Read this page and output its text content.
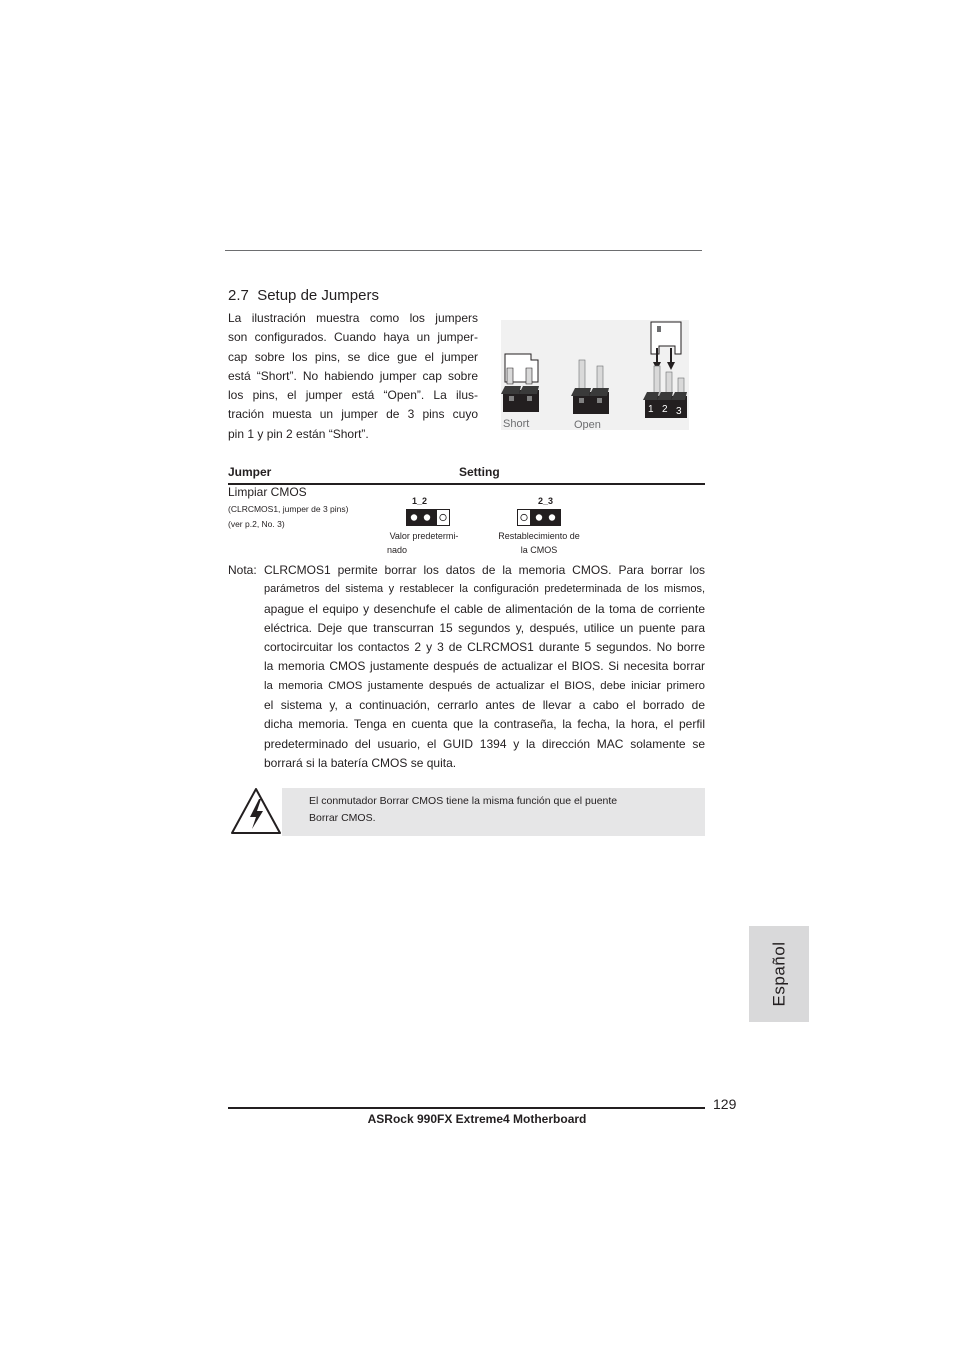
2.7 Setup de Jumpers
La ilustración muestra como los jumpers
son configurados. Cuando haya un jumper-
cap sobre los pins, se dice gue el jumper
está “Short”. No habiendo jumper cap sobre
los pins, el jumper está “Open”. La ilus-
tración muesta un jumper de 3 pins cuyo
pin 1 y pin 2 están “Short”.
Short	Open
1 2 3
Jumper	Setting
Limpiar CMOS
(CLRCMOS1, jumper de 3 pins)
(ver p.2, No. 3)
1_2
Valor predetermi-
nado
2_3
Restablecimiento de
la CMOS
Nota: CLRCMOS1 permite borrar los datos de la memoria CMOS. Para borrar los
parámetros del sistema y restablecer la configuración predeterminada de los mismos,
apague el equipo y desenchufe el cable de alimentación de la toma de corriente
eléctrica. Deje que transcurran 15 segundos y, después, utilice un puente para
cortocircuitar los contactos 2 y 3 de CLRCMOS1 durante 5 segundos. No borre
la memoria CMOS justamente después de actualizar el BIOS. Si necesita borrar
la memoria CMOS justamente después de actualizar el BIOS, debe iniciar primero
el sistema y, a continuación, cerrarlo antes de llevar a cabo el borrado de
dicha memoria. Tenga en cuenta que la contraseña, la fecha, la hora, el perfil
predeterminado del usuario, el GUID 1394 y la dirección MAC solamente se
borrará si la batería CMOS se quita.
El conmutador Borrar CMOS tiene la misma función que el puente
Borrar CMOS.
Español
129
ASRock 990FX Extreme4 Motherboard
